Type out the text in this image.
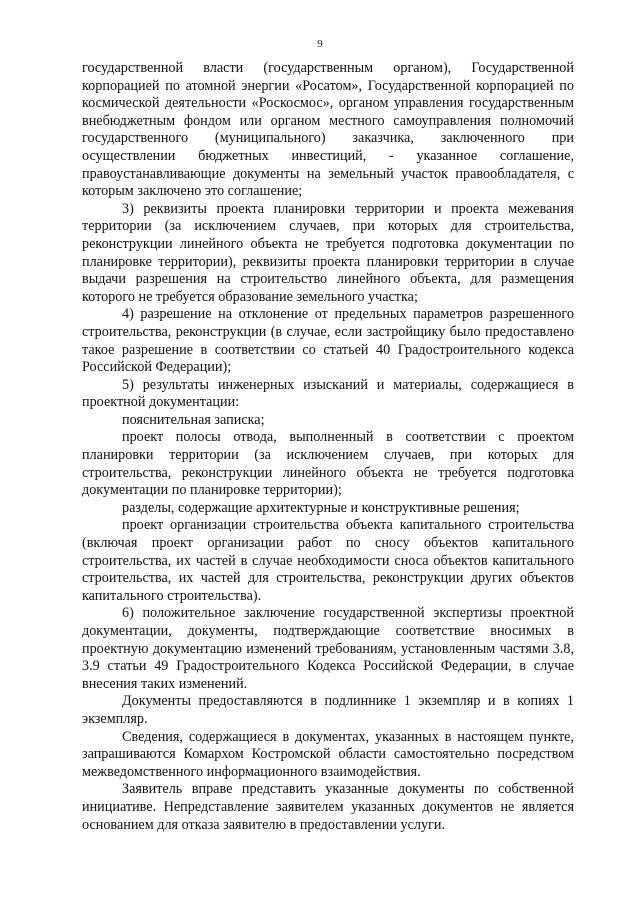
9

государственной власти (государственным органом), Государственной корпорацией по атомной энергии «Росатом», Государственной корпорацией по космической деятельности «Роскосмос», органом управления государственным внебюджетным фондом или органом местного самоуправления полномочий государственного (муниципального) заказчика, заключенного при осуществлении бюджетных инвестиций, - указанное соглашение, правоустанавливающие документы на земельный участок правообладателя, с которым заключено это соглашение;

3) реквизиты проекта планировки территории и проекта межевания территории (за исключением случаев, при которых для строительства, реконструкции линейного объекта не требуется подготовка документации по планировке территории), реквизиты проекта планировки территории в случае выдачи разрешения на строительство линейного объекта, для размещения которого не требуется образование земельного участка;

4) разрешение на отклонение от предельных параметров разрешенного строительства, реконструкции (в случае, если застройщику было предоставлено такое разрешение в соответствии со статьей 40 Градостроительного кодекса Российской Федерации);

5) результаты инженерных изысканий и материалы, содержащиеся в проектной документации:

пояснительная записка;

проект полосы отвода, выполненный в соответствии с проектом планировки территории (за исключением случаев, при которых для строительства, реконструкции линейного объекта не требуется подготовка документации по планировке территории);

разделы, содержащие архитектурные и конструктивные решения;

проект организации строительства объекта капитального строительства (включая проект организации работ по сносу объектов капитального строительства, их частей в случае необходимости сноса объектов капитального строительства, их частей для строительства, реконструкции других объектов капитального строительства).

6) положительное заключение государственной экспертизы проектной документации, документы, подтверждающие соответствие вносимых в проектную документацию изменений требованиям, установленным частями 3.8, 3.9 статьи 49 Градостроительного Кодекса Российской Федерации, в случае внесения таких изменений.

Документы предоставляются в подлиннике 1 экземпляр и в копиях 1 экземпляр.

Сведения, содержащиеся в документах, указанных в настоящем пункте, запрашиваются Комархом Костромской области самостоятельно посредством межведомственного информационного взаимодействия.

Заявитель вправе представить указанные документы по собственной инициативе. Непредставление заявителем указанных документов не является основанием для отказа заявителю в предоставлении услуги.
